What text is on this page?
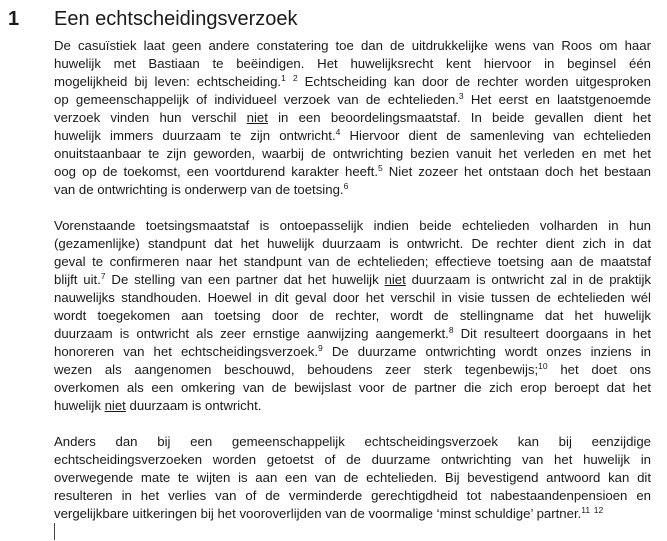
1 Een echtscheidingsverzoek
De casuïstiek laat geen andere constatering toe dan de uitdrukkelijke wens van Roos om haar
huwelijk met Bastiaan te beëindigen. Het huwelijksrecht kent hiervoor in beginsel één
mogelijkheid bij leven: echtscheiding.$^1$ $^2$ Echtscheiding kan door de rechter worden uitgesproken
op gemeenschappelijk of individueel verzoek van de echtelieden.$^3$ Het eerst en laatstgenoemde
verzoek vinden hun verschil niet in een beoordelingsmaatstaf. In beide gevallen dient het
huwelijk immers duurzaam te zijn ontwricht.$^4$ Hiervoor dient de samenleving van echtelieden
onuitstaanbaar te zijn geworden, waarbij de ontwrichting bezien vanuit het verleden en met het
oog op de toekomst, een voortdurend karakter heeft.$^5$ Niet zozeer het ontstaan doch het bestaan
van de ontwrichting is onderwerp van de toetsing.$^6$
Vorenstaande toetsingsmaatstaf is ontoepasselijk indien beide echtelieden volharden in hun
(gezamenlijke) standpunt dat het huwelijk duurzaam is ontwricht. De rechter dient zich in dat
geval te confirmeren naar het standpunt van de echtelieden; effectieve toetsing aan de maatstaf
blijft uit.$^7$ De stelling van een partner dat het huwelijk niet duurzaam is ontwricht zal in de praktijk
nauwelijks standhouden. Hoewel in dit geval door het verschil in visie tussen de echtelieden wél
wordt toegekomen aan toetsing door de rechter, wordt de stellingname dat het huwelijk
duurzaam is ontwricht als zeer ernstige aanwijzing aangemerkt.$^8$ Dit resulteert doorgaans in het
honoreren van het echtscheidingsverzoek.$^9$ De duurzame ontwrichting wordt onzes inziens in
wezen als aangenomen beschouwd, behoudens zeer sterk tegenbewijs;$^{10}$ het doet ons
overkomen als een omkering van de bewijslast voor de partner die zich erop beroept dat het
huwelijk niet duurzaam is ontwricht.
Anders dan bij een gemeenschappelijk echtscheidingsverzoek kan bij eenzijdige
echtscheidingsverzoeken worden getoetst of de duurzame ontwrichting van het huwelijk in
overwegende mate te wijten is aan een van de echtelieden. Bij bevestigend antwoord kan dit
resulteren in het verlies van of de verminderde gerechtigdheid tot nabestaandenpensioen en
vergelijkbare uitkeringen bij het vooroverlijden van de voormalige ‘minst schuldige’ partner.$^{11}$ $^{12}$
